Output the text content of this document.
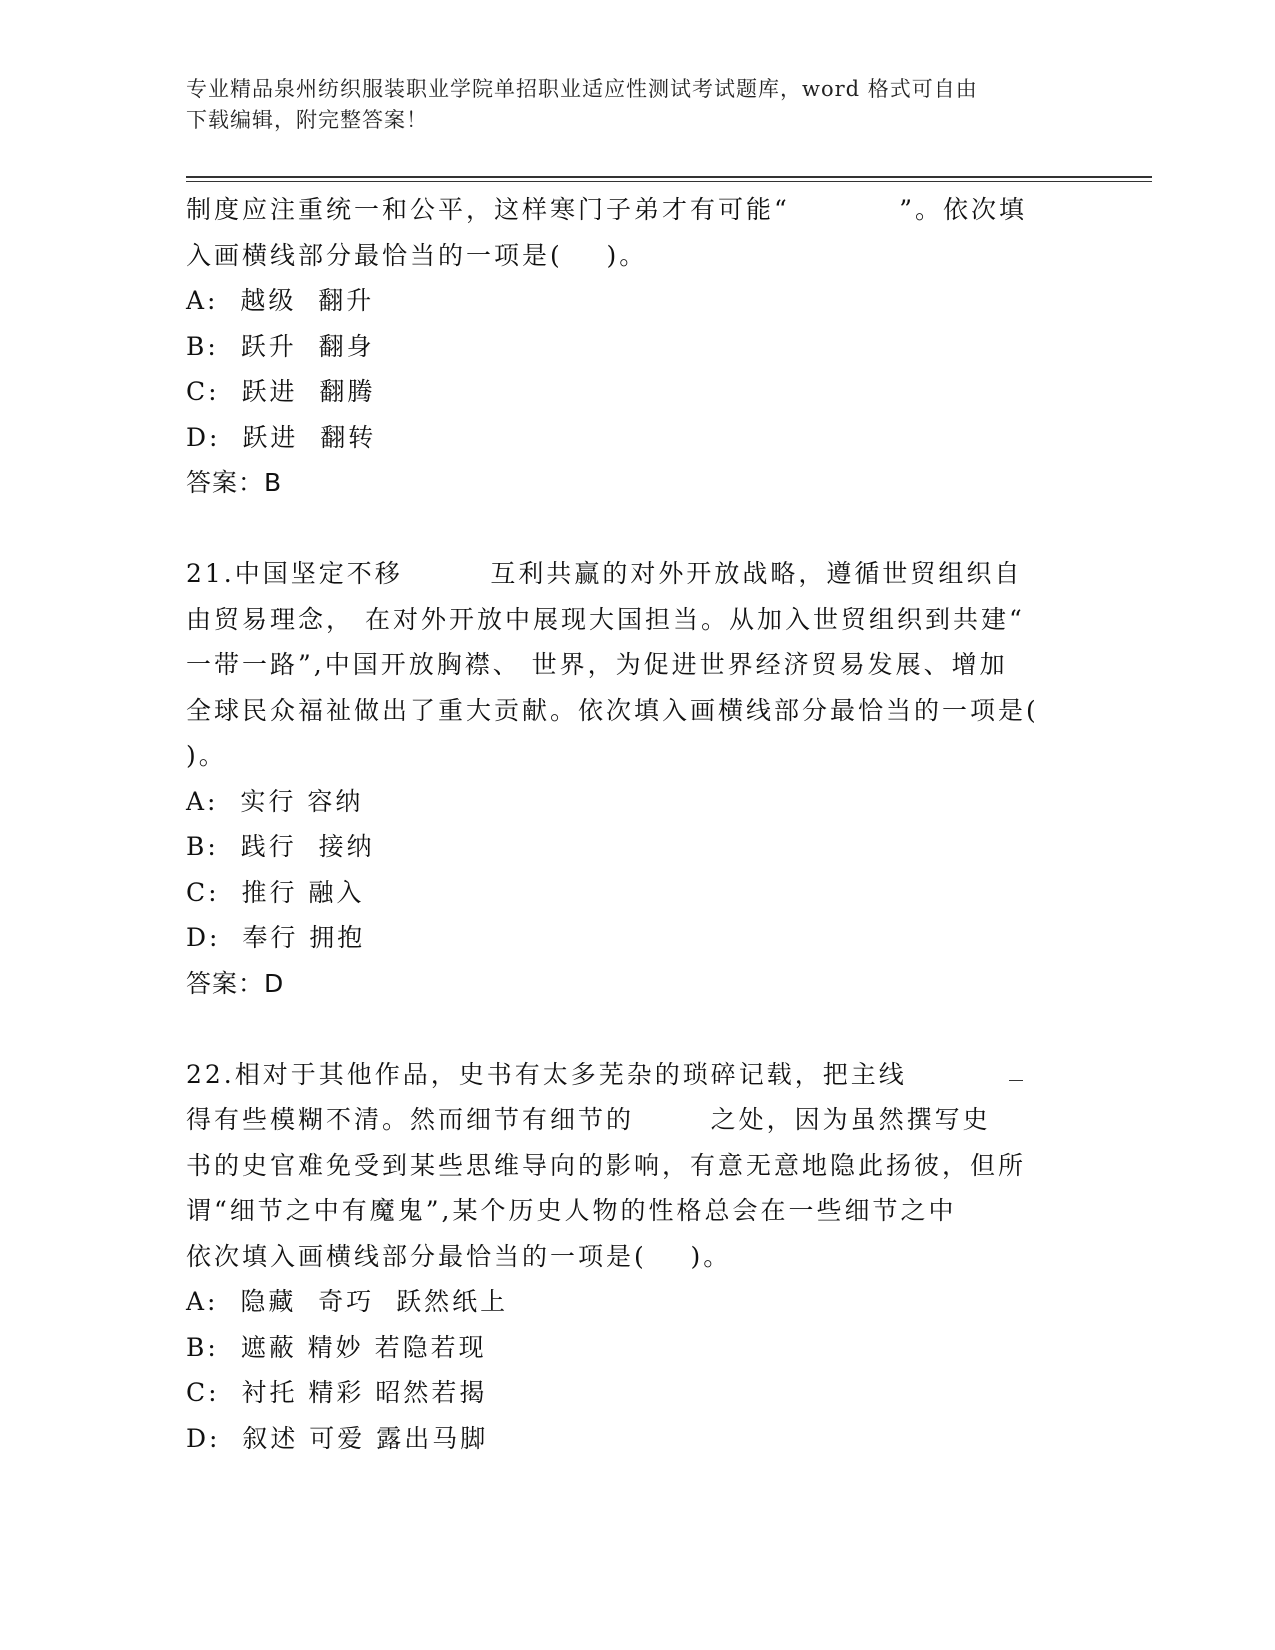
专业精品泉州纺织服装职业学院单招职业适应性测试考试题库，word 格式可自由
下载编辑，附完整答案！
制度应注重统一和公平，这样寒门子弟才有可能“          ”。依次填
入画横线部分最恰当的一项是(    )。
A:  越级  翻升
B:  跃升  翻身
C:  跃进  翻腾
D:  跃进  翻转
答案：B
21.中国坚定不移        互利共赢的对外开放战略，遵循世贸组织自
由贸易理念， 在对外开放中展现大国担当。从加入世贸组织到共建“
一带一路”,中国开放胸襟、 世界，为促进世界经济贸易发展、增加
全球民众福祉做出了重大贡献。依次填入画横线部分最恰当的一项是(
)。
A:  实行 容纳
B:  践行  接纳
C:  推行 融入
D:  奉行 拥抱
答案：D
22.相对于其他作品，史书有太多芜杂的琐碎记载，把主线
得有些模糊不清。然而细节有细节的       之处，因为虽然撰写史
书的史官难免受到某些思维导向的影响，有意无意地隐此扬彼，但所
谓“细节之中有魔鬼”,某个历史人物的性格总会在一些细节之中
依次填入画横线部分最恰当的一项是(    )。
A:  隐藏  奇巧  跃然纸上
B:  遮蔽 精妙 若隐若现
C:  衬托 精彩 昭然若揭
D:  叙述 可爱 露出马脚
